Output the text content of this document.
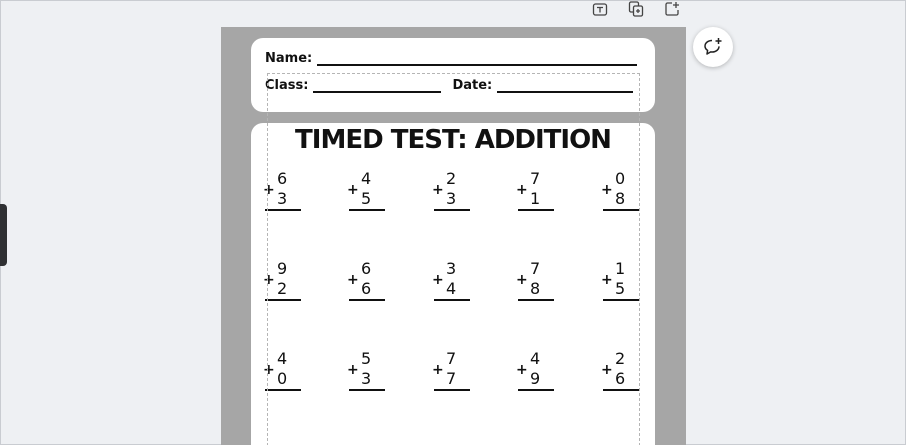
Name:
Class:	Date:
TIMED TEST: ADDITION
6
+ 3
4
+ 5
2
+ 3
7
+ 1
0
+ 8
9
+ 2
6
+ 6
3
+ 4
7
+ 8
1
+ 5
4
+ 0
5
+ 3
7
+ 7
4
+ 9
2
+ 6
